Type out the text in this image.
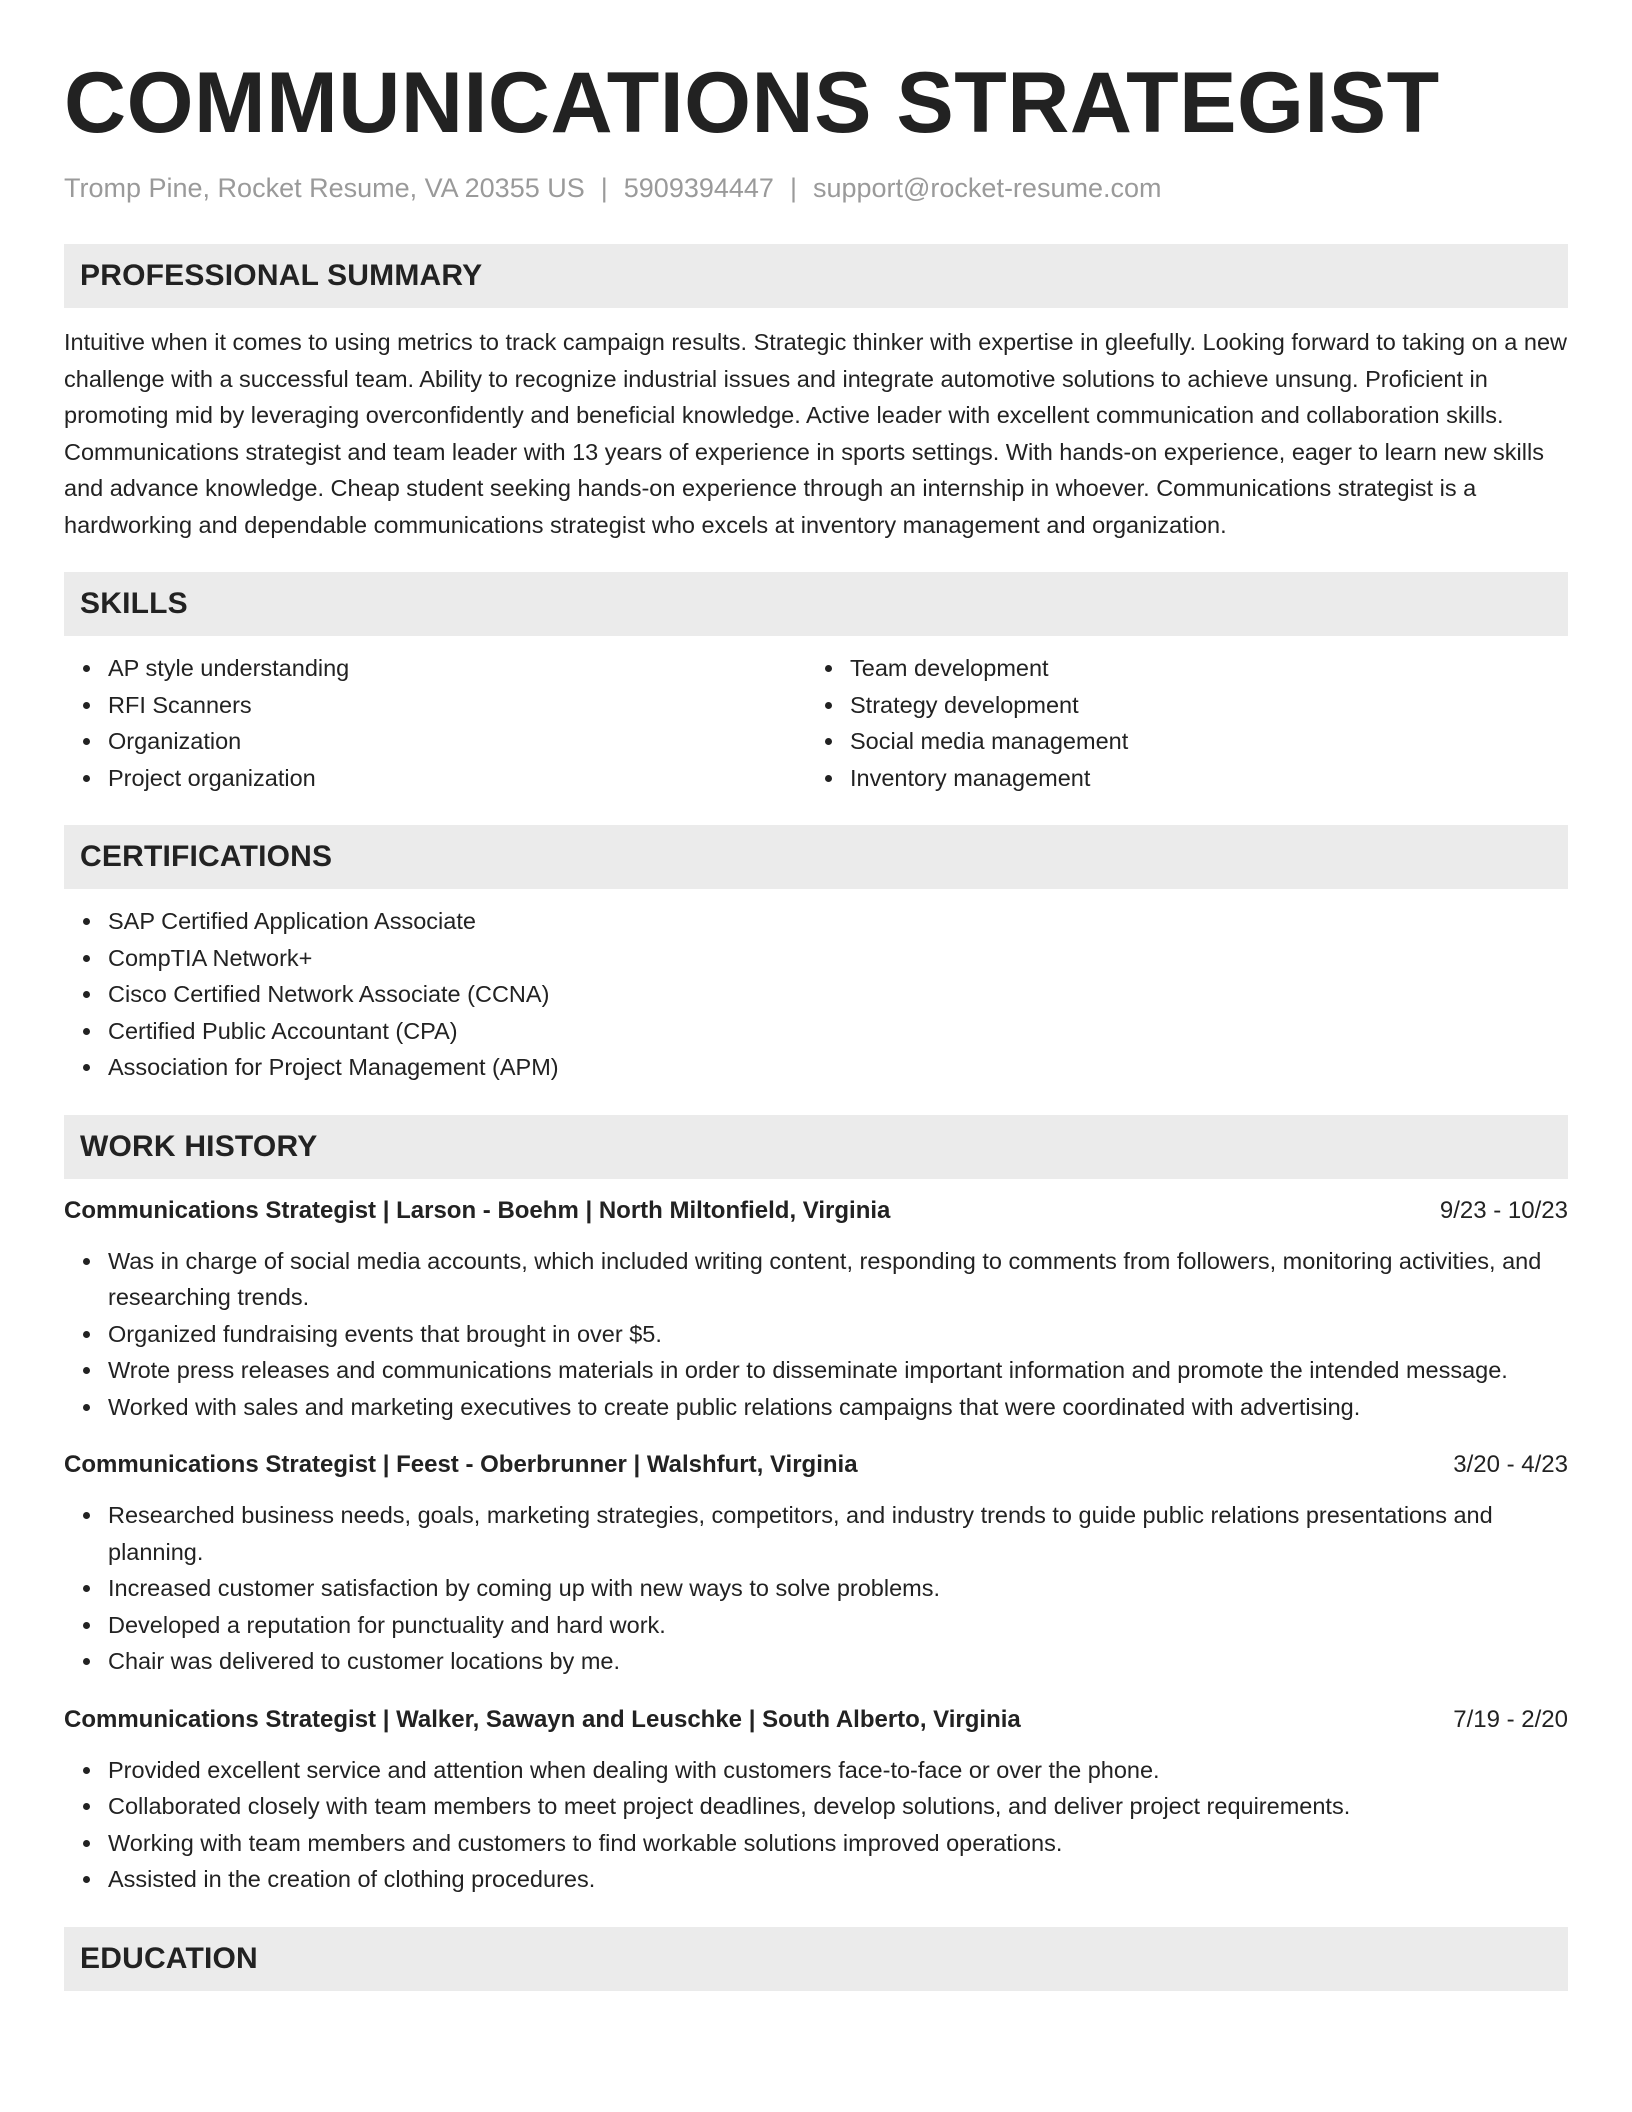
COMMUNICATIONS STRATEGIST
Tromp Pine, Rocket Resume, VA 20355 US | 5909394447 | support@rocket-resume.com
PROFESSIONAL SUMMARY

Intuitive when it comes to using metrics to track campaign results. Strategic thinker with expertise in gleefully. Looking forward to taking on a new challenge with a successful team. Ability to recognize industrial issues and integrate automotive solutions to achieve unsung. Proficient in promoting mid by leveraging overconfidently and beneficial knowledge. Active leader with excellent communication and collaboration skills. Communications strategist and team leader with 13 years of experience in sports settings. With hands-on experience, eager to learn new skills and advance knowledge. Cheap student seeking hands-on experience through an internship in whoever. Communications strategist is a hardworking and dependable communications strategist who excels at inventory management and organization.

SKILLS
AP style understanding
RFI Scanners
Organization
Project organization
Team development
Strategy development
Social media management
Inventory management
CERTIFICATIONS
SAP Certified Application Associate
CompTIA Network+
Cisco Certified Network Associate (CCNA)
Certified Public Accountant (CPA)
Association for Project Management (APM)
WORK HISTORY
Communications Strategist | Larson - Boehm | North Miltonfield, Virginia	9/23 - 10/23
Was in charge of social media accounts, which included writing content, responding to comments from followers, monitoring activities, and researching trends.
Organized fundraising events that brought in over $5.
Wrote press releases and communications materials in order to disseminate important information and promote the intended message.
Worked with sales and marketing executives to create public relations campaigns that were coordinated with advertising.
Communications Strategist | Feest - Oberbrunner | Walshfurt, Virginia	3/20 - 4/23
Researched business needs, goals, marketing strategies, competitors, and industry trends to guide public relations presentations and planning.
Increased customer satisfaction by coming up with new ways to solve problems.
Developed a reputation for punctuality and hard work.
Chair was delivered to customer locations by me.
Communications Strategist | Walker, Sawayn and Leuschke | South Alberto, Virginia	7/19 - 2/20
Provided excellent service and attention when dealing with customers face-to-face or over the phone.
Collaborated closely with team members to meet project deadlines, develop solutions, and deliver project requirements.
Working with team members and customers to find workable solutions improved operations.
Assisted in the creation of clothing procedures.
EDUCATION
